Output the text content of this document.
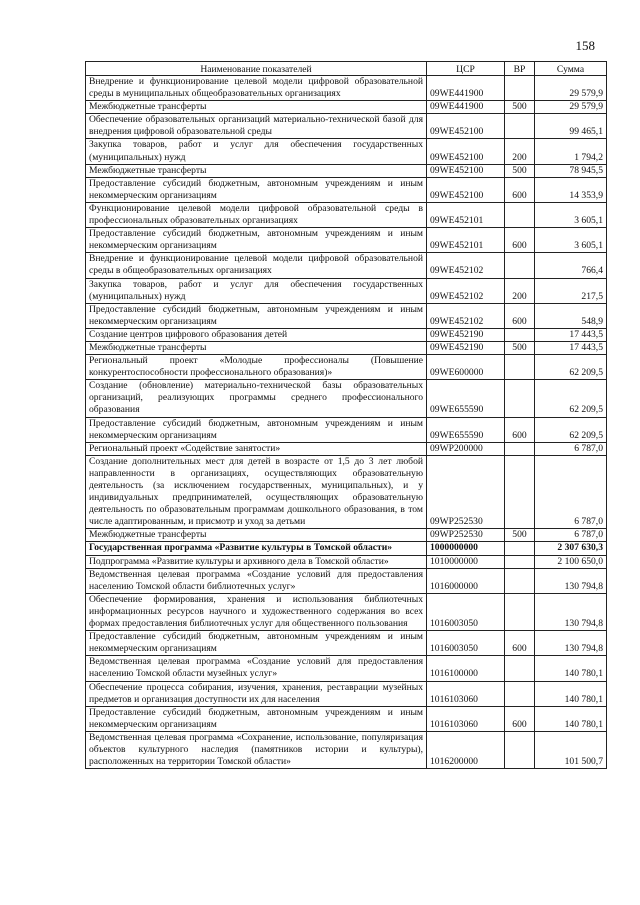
158
Наименование показателей	ЦСР	ВР	Сумма
Внедрение и функционирование целевой модели цифровой образовательной среды в муниципальных общеобразовательных организациях	09WE441900		29 579,9
Межбюджетные трансферты	09WE441900	500	29 579,9
Обеспечение образовательных организаций материально-технической базой для внедрения цифровой образовательной среды	09WE452100		99 465,1
Закупка товаров, работ и услуг для обеспечения государственных (муниципальных) нужд	09WE452100	200	1 794,2
Межбюджетные трансферты	09WE452100	500	78 945,5
Предоставление субсидий бюджетным, автономным учреждениям и иным некоммерческим организациям	09WE452100	600	14 353,9
Функционирование целевой модели цифровой образовательной среды в профессиональных образовательных организациях	09WE452101		3 605,1
Предоставление субсидий бюджетным, автономным учреждениям и иным некоммерческим организациям	09WE452101	600	3 605,1
Внедрение и функционирование целевой модели цифровой образовательной среды в общеобразовательных организациях	09WE452102		766,4
Закупка товаров, работ и услуг для обеспечения государственных (муниципальных) нужд	09WE452102	200	217,5
Предоставление субсидий бюджетным, автономным учреждениям и иным некоммерческим организациям	09WE452102	600	548,9
Создание центров цифрового образования детей	09WE452190		17 443,5
Межбюджетные трансферты	09WE452190	500	17 443,5
Региональный проект «Молодые профессионалы (Повышение конкурентоспособности профессионального образования)»	09WE600000		62 209,5
Создание (обновление) материально-технической базы образовательных организаций, реализующих программы среднего профессионального образования	09WE655590		62 209,5
Предоставление субсидий бюджетным, автономным учреждениям и иным некоммерческим организациям	09WE655590	600	62 209,5
Региональный проект «Содействие занятости»	09WP200000		6 787,0
Создание дополнительных мест для детей в возрасте от 1,5 до 3 лет любой направленности в организациях, осуществляющих образовательную деятельность (за исключением государственных, муниципальных), и у индивидуальных предпринимателей, осуществляющих образовательную деятельность по образовательным программам дошкольного образования, в том числе адаптированным, и присмотр и уход за детьми	09WP252530		6 787,0
Межбюджетные трансферты	09WP252530	500	6 787,0
Государственная программа «Развитие культуры в Томской области»	1000000000		2 307 630,3
Подпрограмма «Развитие культуры и архивного дела в Томской области»	1010000000		2 100 650,0
Ведомственная целевая программа «Создание условий для предоставления населению Томской области библиотечных услуг»	1016000000		130 794,8
Обеспечение формирования, хранения и использования библиотечных информационных ресурсов научного и художественного содержания во всех формах предоставления библиотечных услуг для общественного пользования	1016003050		130 794,8
Предоставление субсидий бюджетным, автономным учреждениям и иным некоммерческим организациям	1016003050	600	130 794,8
Ведомственная целевая программа «Создание условий для предоставления населению Томской области музейных услуг»	1016100000		140 780,1
Обеспечение процесса собирания, изучения, хранения, реставрации музейных предметов и организация доступности их для населения	1016103060		140 780,1
Предоставление субсидий бюджетным, автономным учреждениям и иным некоммерческим организациям	1016103060	600	140 780,1
Ведомственная целевая программа «Сохранение, использование, популяризация объектов культурного наследия (памятников истории и культуры), расположенных на территории Томской области»	1016200000		101 500,7
